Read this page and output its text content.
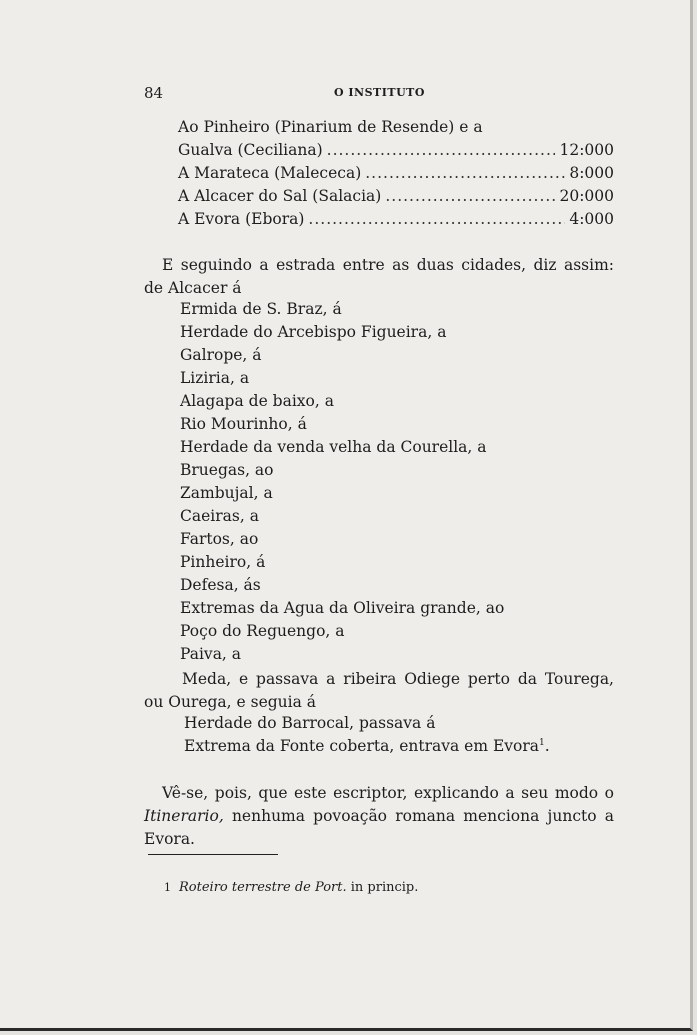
84	O INSTITUTO
Ao Pinheiro (Pinarium de Resende) e a
Gualva (Ceciliana) .....	12:000
A Marateca (Malececa) .....	8:000
A Alcacer do Sal (Salacia) .....	20:000
A Evora (Ebora) .....	4:000

E seguindo a estrada entre as duas cidades, diz assim: de Alcacer á

Ermida de S. Braz, á
Herdade do Arcebispo Figueira, a
Galrope, á
Liziria, a
Alagapa de baixo, a
Rio Mourinho, á
Herdade da venda velha da Courella, a
Bruegas, ao
Zambujal, a
Caeiras, a
Fartos, ao
Pinheiro, á
Defesa, ás
Extremas da Agua da Oliveira grande, ao
Poço do Reguengo, a
Paiva, a

Meda, e passava a ribeira Odiege perto da Tourega, ou Ourega, e seguia á

Herdade do Barrocal, passava á
Extrema da Fonte coberta, entrava em Evora$^1$.

Vê-se, pois, que este escriptor, explicando a seu modo o Itinerario, nenhuma povoação romana menciona juncto a Evora.

1 Roteiro terrestre de Port. in princip.
